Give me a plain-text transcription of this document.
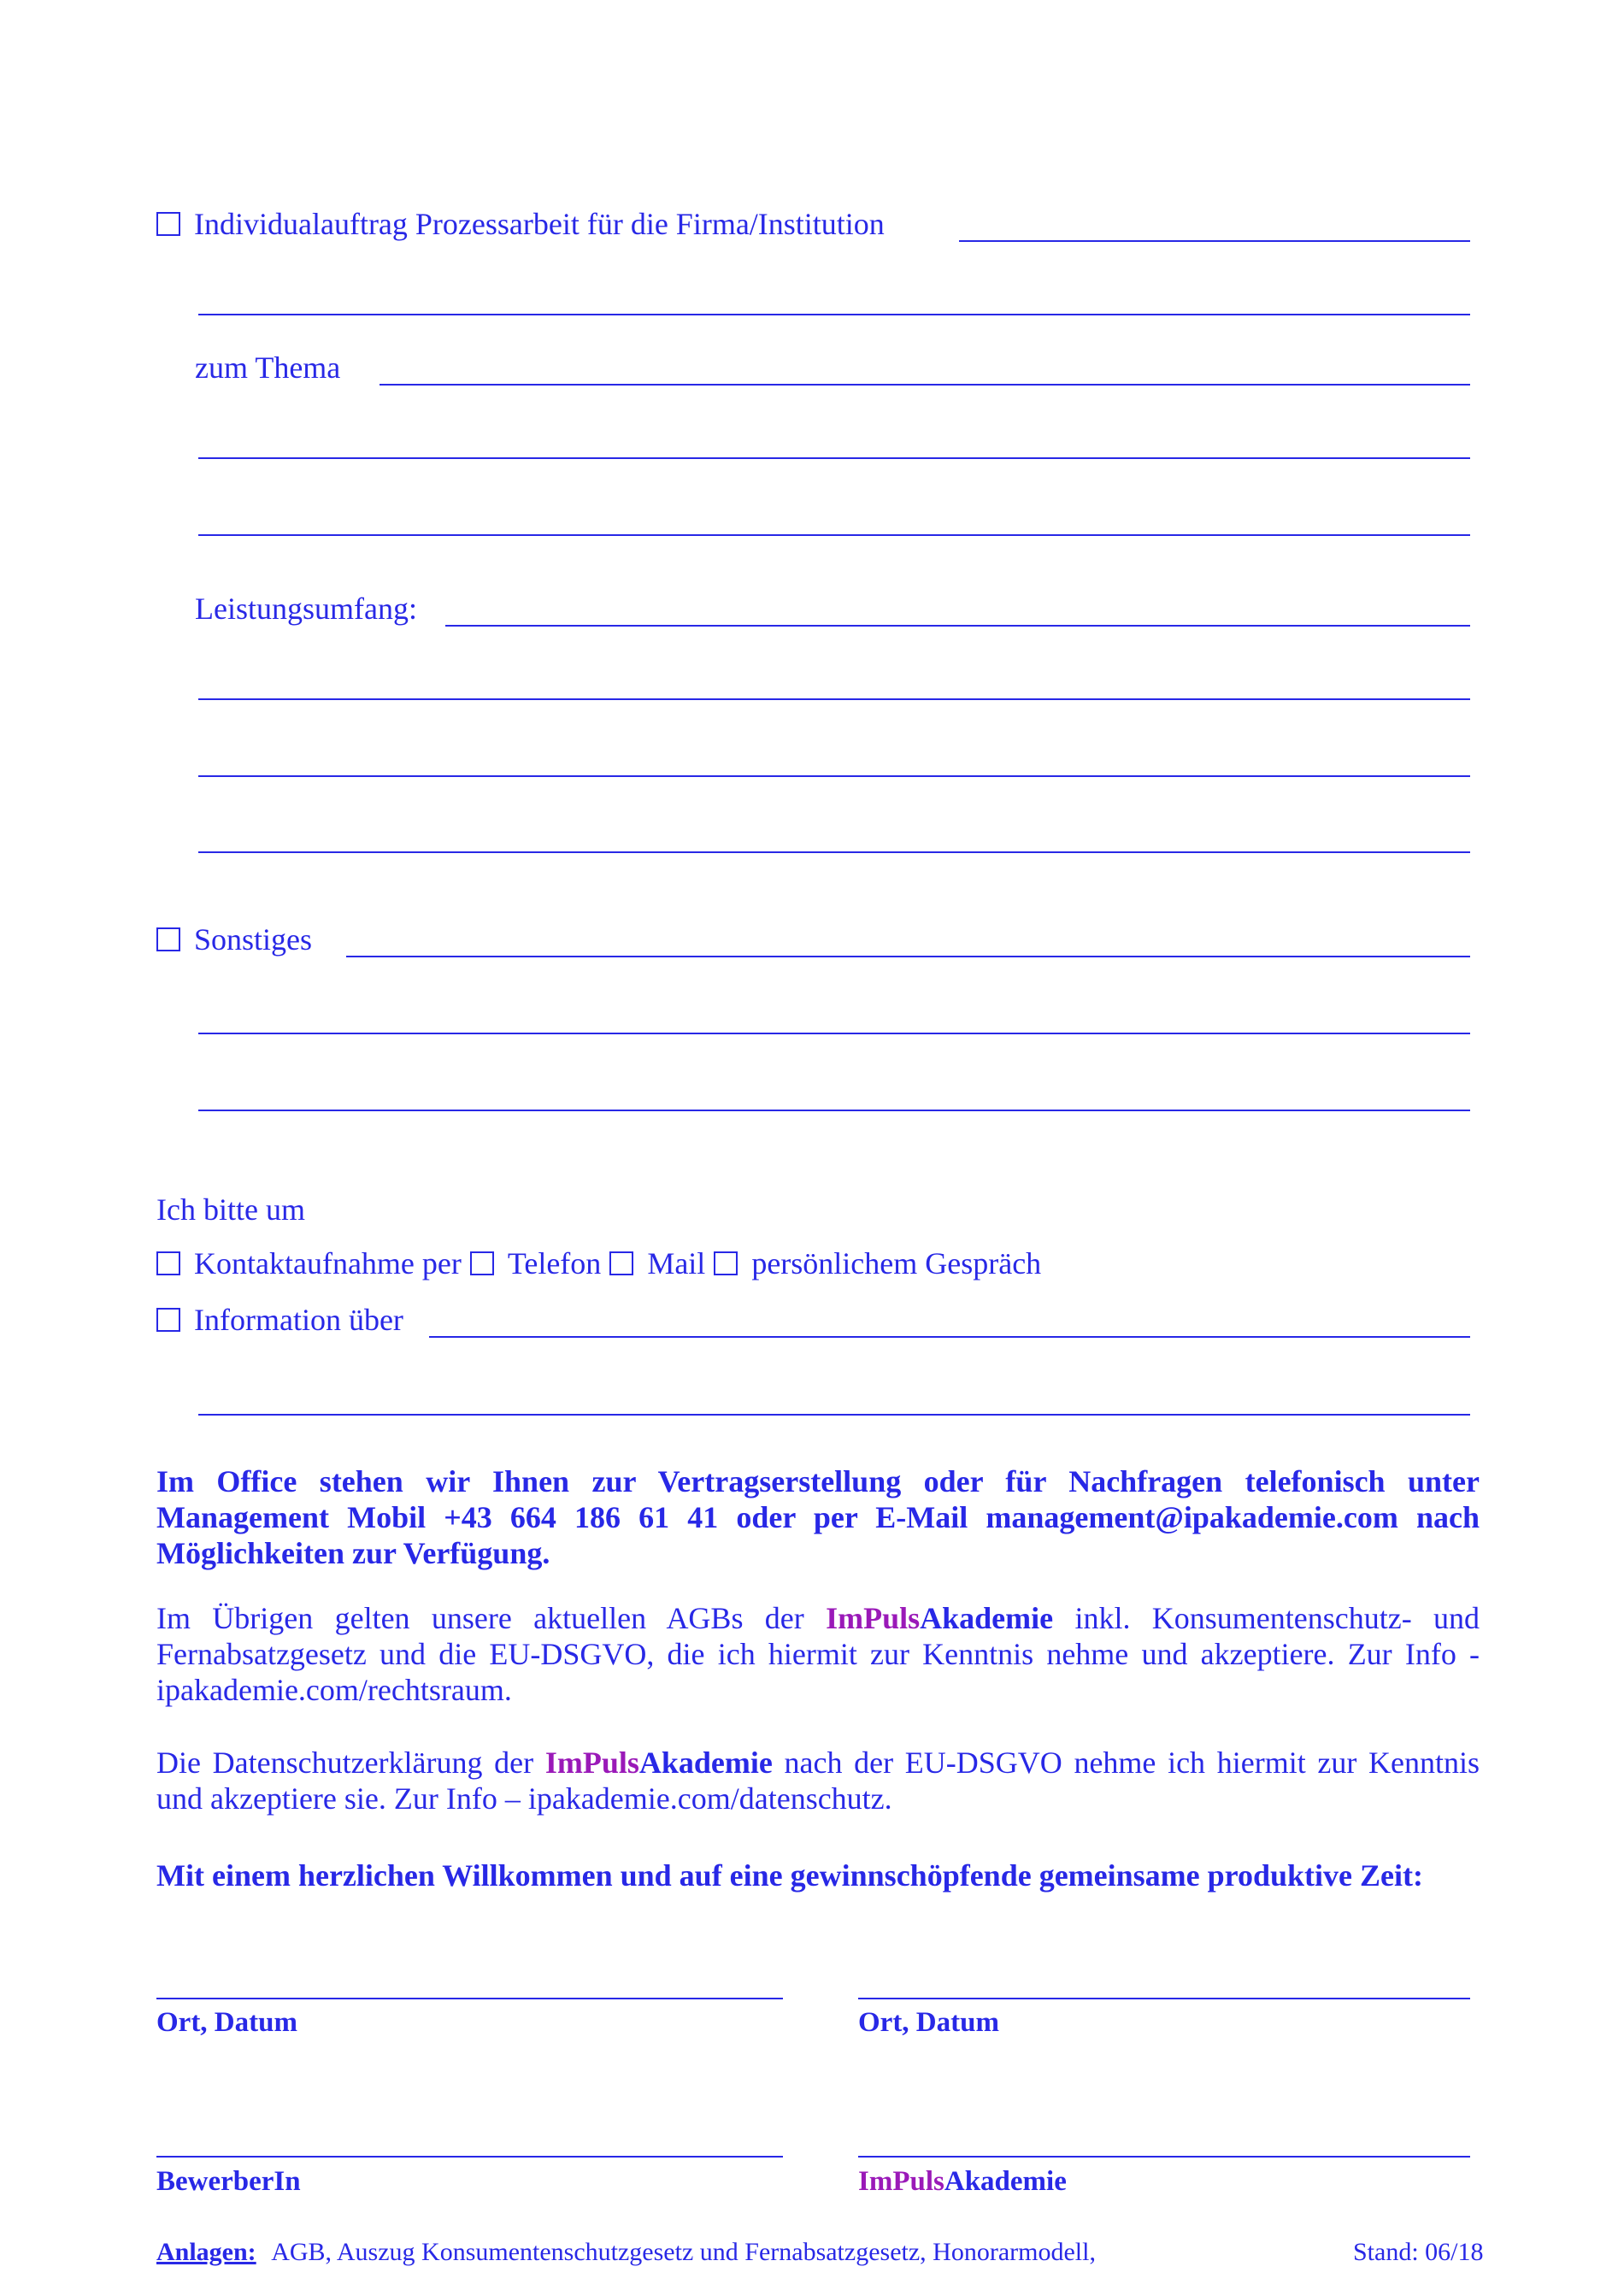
Individualauftrag Prozessarbeit für die Firma/Institution
zum Thema
Leistungsumfang:
Sonstiges
Ich bitte um
Kontaktaufnahme per Telefon Mail persönlichem Gespräch
Information über
Im Office stehen wir Ihnen zur Vertragserstellung oder für Nachfragen telefonisch unter Management Mobil +43 664 186 61 41 oder per E-Mail management@ipakademie.com nach Möglichkeiten zur Verfügung.
Im Übrigen gelten unsere aktuellen AGBs der ImPulsAkademie inkl. Konsumentenschutz- und Fernabsatzgesetz und die EU-DSGVO, die ich hiermit zur Kenntnis nehme und akzeptiere. Zur Info - ipakademie.com/rechtsraum.
Die Datenschutzerklärung der ImPulsAkademie nach der EU-DSGVO nehme ich hiermit zur Kenntnis und akzeptiere sie. Zur Info – ipakademie.com/datenschutz.
Mit einem herzlichen Willkommen und auf eine gewinnschöpfende gemeinsame produktive Zeit:
Ort, Datum	Ort, Datum
BewerberIn	ImPulsAkademie
Anlagen: AGB, Auszug Konsumentenschutzgesetz und Fernabsatzgesetz, Honorarmodell,	Stand: 06/18
